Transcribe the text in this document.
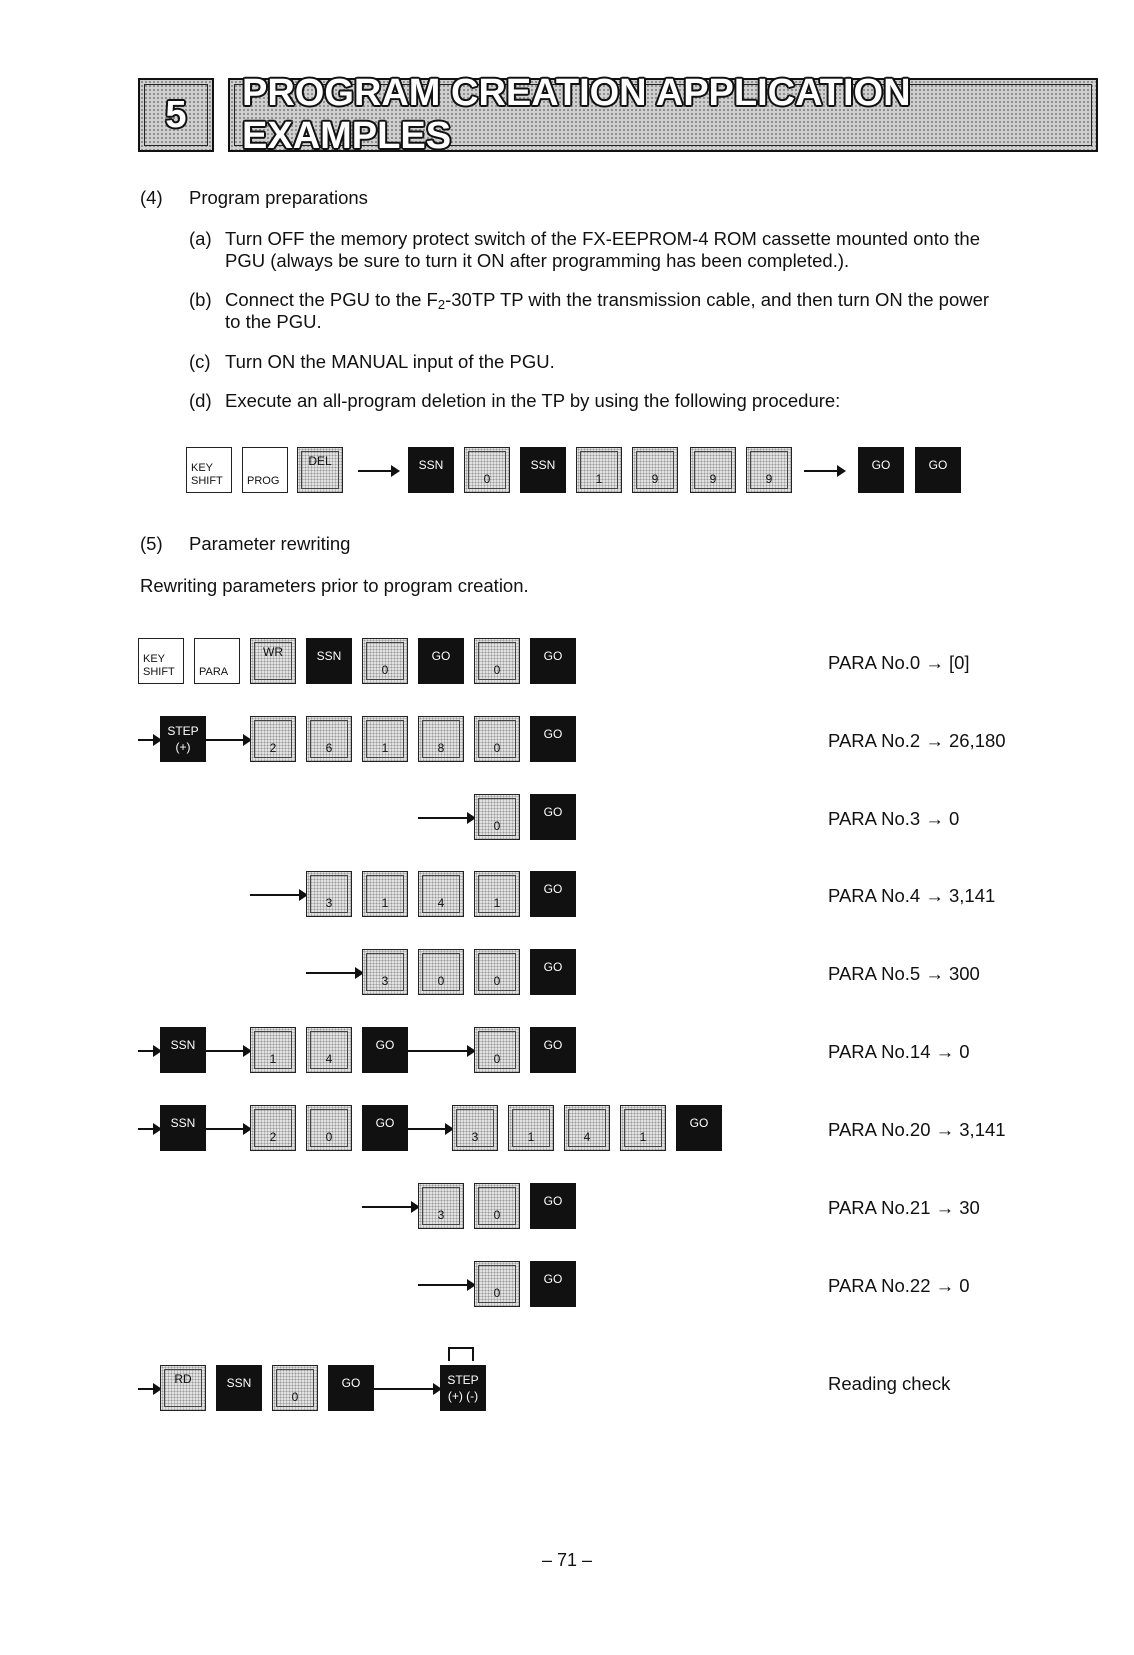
5
PROGRAM CREATION APPLICATION EXAMPLES
(4) Program preparations
(a) Turn OFF the memory protect switch of the FX-EEPROM-4 ROM cassette mounted onto the
PGU (always be sure to turn it ON after programming has been completed.).
(b) Connect the PGU to the $F_2-30TP$ TP with the transmission cable, and then turn ON the power
to the PGU.
(c) Turn ON the MANUAL input of the PGU.
(d) Execute an all-program deletion in the TP by using the following procedure:
KEY
SHIFT	PROG
DEL	SSN
0
SSN
1	9	9	9
GO	GO
(5) Parameter rewriting
Rewriting parameters prior to program creation.
KEY
SHIFT	PARA
WR	SSN
0
GO
0
GO	PARA No.0 → [0]
STEP
(+)	2	6	1	8	0
GO	PARA No.2 → 26,180
0
GO	PARA No.3 → 0
3	1	4	1
GO	PARA No.4 → 3,141
3	0	0
GO	PARA No.5 → 300
SSN
1	4
GO
0
GO	PARA No.14 → 0
SSN
2	0
GO
3	1	4	1
GO	PARA No.20 → 3,141
3	0
GO	PARA No.21 → 30
0
GO	PARA No.22 → 0
RD	SSN
0
GO	STEP
(+) (-)
Reading check
– 71 –
